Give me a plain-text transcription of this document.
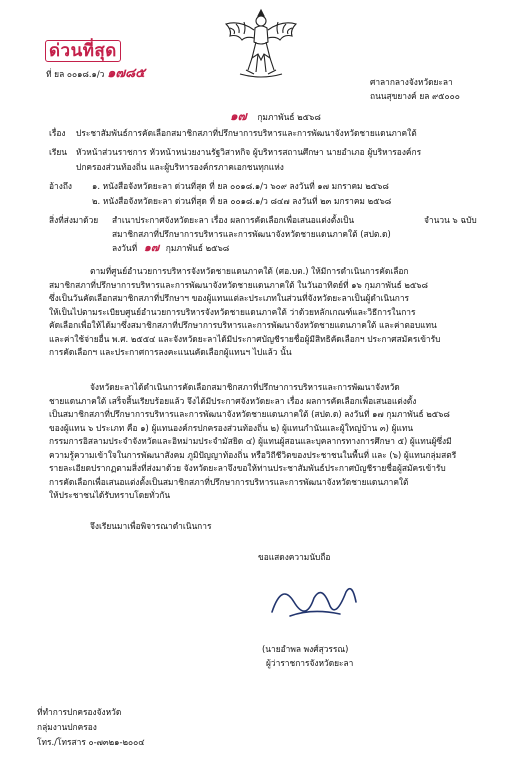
ด่วนที่สุด
ที่ ยล ๐๐๑๘.๑/ว ๑๗๘๕
ศาลากลางจังหวัดยะลา
ถนนสุขยางค์ ยล ๙๕๐๐๐
๑๗ กุมภาพันธ์ ๒๕๖๘
เรื่อง ประชาสัมพันธ์การคัดเลือกสมาชิกสภาที่ปรึกษาการบริหารและการพัฒนาจังหวัดชายแดนภาคใต้
เรียน หัวหน้าส่วนราชการ หัวหน้าหน่วยงานรัฐวิสาหกิจ ผู้บริหารสถานศึกษา นายอำเภอ ผู้บริหารองค์กร
ปกครองส่วนท้องถิ่น และผู้บริหารองค์กรภาคเอกชนทุกแห่ง
อ้างถึง ๑. หนังสือจังหวัดยะลา ด่วนที่สุด ที่ ยล ๐๐๑๘.๑/ว ๖๐๙ ลงวันที่ ๑๗ มกราคม ๒๕๖๘
๒. หนังสือจังหวัดยะลา ด่วนที่สุด ที่ ยล ๐๐๑๘.๑/ว ๘๔๗ ลงวันที่ ๒๓ มกราคม ๒๕๖๘
สิ่งที่ส่งมาด้วย สำเนาประกาศจังหวัดยะลา เรื่อง ผลการคัดเลือกเพื่อเสนอแต่งตั้งเป็น	จำนวน ๖ ฉบับ
สมาชิกสภาที่ปรึกษาการบริหารและการพัฒนาจังหวัดชายแดนภาคใต้ (สปต.ด)
ลงวันที่ ๑๗ กุมภาพันธ์ ๒๕๖๘
ตามที่ศูนย์อำนวยการบริหารจังหวัดชายแดนภาคใต้ (ศอ.บต.) ให้มีการดำเนินการคัดเลือก
สมาชิกสภาที่ปรึกษาการบริหารและการพัฒนาจังหวัดชายแดนภาคใต้ ในวันอาทิตย์ที่ ๑๖ กุมภาพันธ์ ๒๕๖๘
ซึ่งเป็นวันคัดเลือกสมาชิกสภาที่ปรึกษาฯ ของผู้แทนแต่ละประเภทในส่วนที่จังหวัดยะลาเป็นผู้ดำเนินการ
ให้เป็นไปตามระเบียบศูนย์อำนวยการบริหารจังหวัดชายแดนภาคใต้ ว่าด้วยหลักเกณฑ์และวิธีการในการ
คัดเลือกเพื่อให้ได้มาซึ่งสมาชิกสภาที่ปรึกษาการบริหารและการพัฒนาจังหวัดชายแดนภาคใต้ และค่าตอบแทน
และค่าใช้จ่ายอื่น พ.ศ. ๒๕๕๔ และจังหวัดยะลาได้มีประกาศบัญชีรายชื่อผู้มีสิทธิคัดเลือกฯ ประกาศสมัครเข้ารับ
การคัดเลือกฯ และประกาศการลงคะแนนคัดเลือกผู้แทนฯ ไปแล้ว นั้น
จังหวัดยะลาได้ดำเนินการคัดเลือกสมาชิกสภาที่ปรึกษาการบริหารและการพัฒนาจังหวัด
ชายแดนภาคใต้ เสร็จสิ้นเรียบร้อยแล้ว จึงได้มีประกาศจังหวัดยะลา เรื่อง ผลการคัดเลือกเพื่อเสนอแต่งตั้ง
เป็นสมาชิกสภาที่ปรึกษาการบริหารและการพัฒนาจังหวัดชายแดนภาคใต้ (สปต.ด) ลงวันที่ ๑๗ กุมภาพันธ์ ๒๕๖๘
ของผู้แทน ๖ ประเภท คือ ๑) ผู้แทนองค์กรปกครองส่วนท้องถิ่น ๒) ผู้แทนกำนันและผู้ใหญ่บ้าน ๓) ผู้แทน
กรรมการอิสลามประจำจังหวัดและอิหม่ามประจำมัสยิด ๔) ผู้แทนผู้สอนและบุคลากรทางการศึกษา ๕) ผู้แทนผู้ซึ่งมี
ความรู้ความเข้าใจในการพัฒนาสังคม ภูมิปัญญาท้องถิ่น หรือวิถีชีวิตของประชาชนในพื้นที่ และ (๖) ผู้แทนกลุ่มสตรี
รายละเอียดปรากฏตามสิ่งที่ส่งมาด้วย จังหวัดยะลาจึงขอให้ท่านประชาสัมพันธ์ประกาศบัญชีรายชื่อผู้สมัครเข้ารับ
การคัดเลือกเพื่อเสนอแต่งตั้งเป็นสมาชิกสภาที่ปรึกษาการบริหารและการพัฒนาจังหวัดชายแดนภาคใต้
ให้ประชาชนได้รับทราบโดยทั่วกัน
จึงเรียนมาเพื่อพิจารณาดำเนินการ
ขอแสดงความนับถือ
(นายอำพล พงศ์สุวรรณ)
ผู้ว่าราชการจังหวัดยะลา
ที่ทำการปกครองจังหวัด
กลุ่มงานปกครอง
โทร./โทรสาร ๐-๗๓๒๑-๒๐๐๔
